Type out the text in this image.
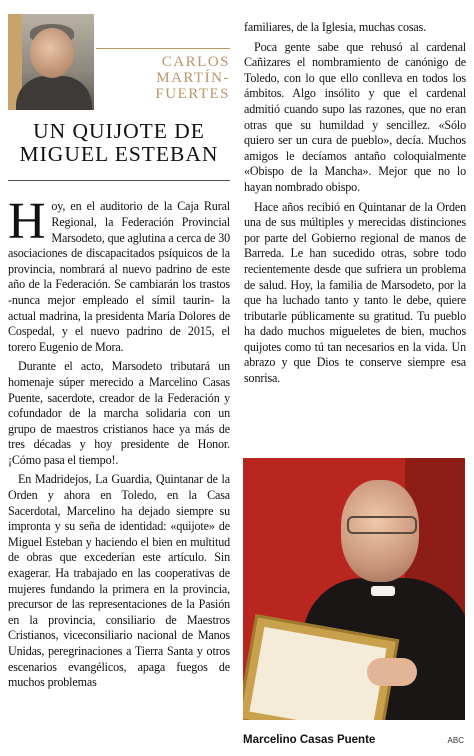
CARLOS
MARTÍN-
FUERTES
UN QUIJOTE DE
MIGUEL ESTEBAN

Hoy, en el auditorio de la Caja Rural Regional, la Federación Provincial Marsodeto, que aglutina a cerca de 30 asociaciones de discapacitados psíquicos de la provincia, nombrará al nuevo padrino de este año de la Federación. Se cambiarán los trastos -nunca mejor empleado el símil taurin- la actual madrina, la presidenta María Dolores de Cospedal, y el nuevo padrino de 2015, el torero Eugenio de Mora.

Durante el acto, Marsodeto tributará un homenaje súper merecido a Marcelino Casas Puente, sacerdote, creador de la Federación y cofundador de la marcha solidaria con un grupo de maestros cristianos hace ya más de tres décadas y hoy presidente de Honor. ¡Cómo pasa el tiempo!.

En Madridejos, La Guardia, Quintanar de la Orden y ahora en Toledo, en la Casa Sacerdotal, Marcelino ha dejado siempre su impronta y su seña de identidad: «quijote» de Miguel Esteban y haciendo el bien en multitud de obras que excederían este artículo. Sin exagerar. Ha trabajado en las cooperativas de mujeres fundando la primera en la provincia, precursor de las representaciones de la Pasión en la provincia, consiliario de Maestros Cristianos, viceconsiliario nacional de Manos Unidas, peregrinaciones a Tierra Santa y otros escenarios evangélicos, apaga fuegos de muchos problemas

familiares, de la Iglesia, muchas cosas.

Poca gente sabe que rehusó al cardenal Cañizares el nombramiento de canónigo de Toledo, con lo que ello conlleva en todos los ámbitos. Algo insólito y que el cardenal admitió cuando supo las razones, que no eran otras que su humildad y sencillez. «Sólo quiero ser un cura de pueblo», decía. Muchos amigos le decíamos antaño coloquialmente «Obispo de la Mancha». Mejor que no lo hayan nombrado obispo.

Hace años recibió en Quintanar de la Orden una de sus múltiples y merecidas distinciones por parte del Gobierno regional de manos de Barreda. Le han sucedido otras, sobre todo recientemente desde que sufriera un problema de salud. Hoy, la familia de Marsodeto, por la que ha luchado tanto y tanto le debe, quiere tributarle públicamente su gratitud. Tu pueblo ha dado muchos migueletes de bien, muchos quijotes como tú tan necesarios en la vida. Un abrazo y que Dios te conserve siempre esa sonrisa.

Marcelino Casas Puente	ABC
